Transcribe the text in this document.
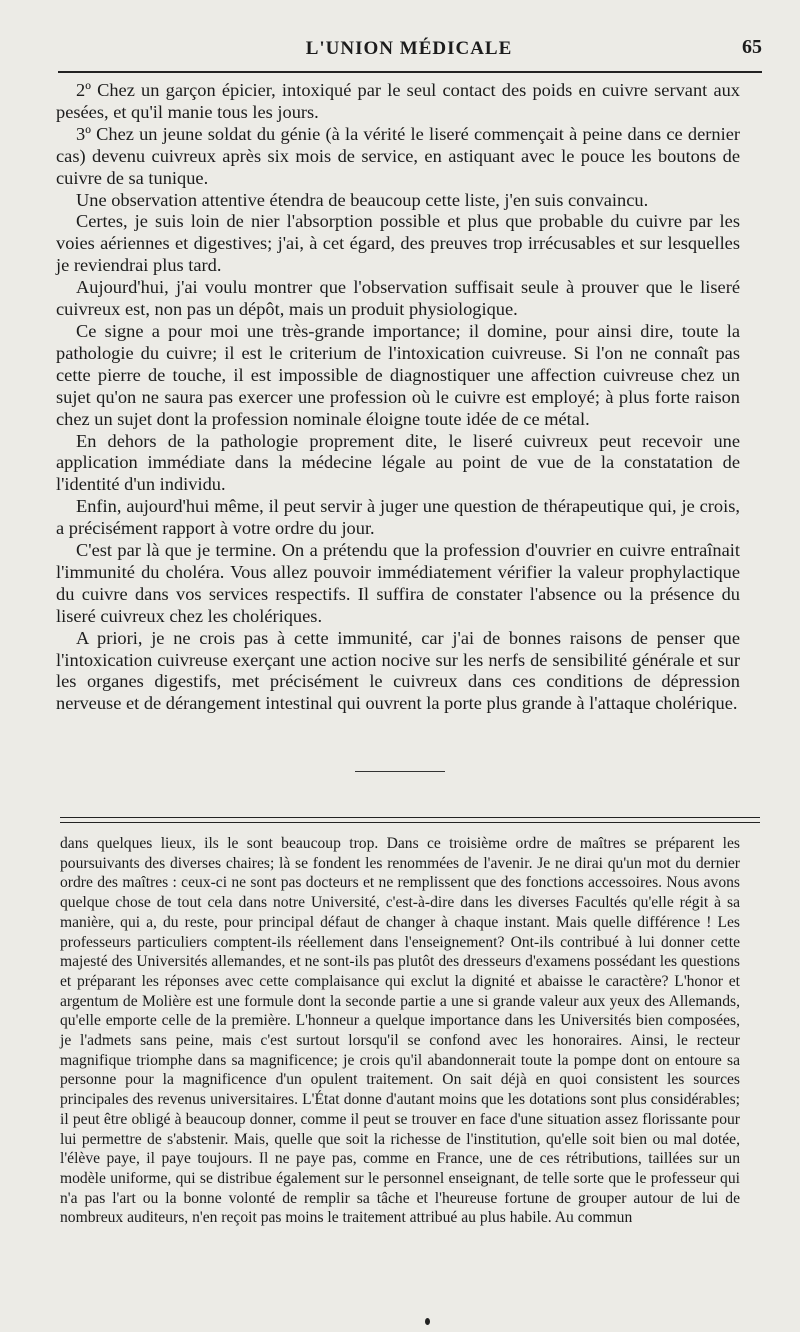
L'UNION MÉDICALE	65

2º Chez un garçon épicier, intoxiqué par le seul contact des poids en cuivre servant aux pesées, et qu'il manie tous les jours.

3º Chez un jeune soldat du génie (à la vérité le liseré commençait à peine dans ce dernier cas) devenu cuivreux après six mois de service, en astiquant avec le pouce les boutons de cuivre de sa tunique.

Une observation attentive étendra de beaucoup cette liste, j'en suis convaincu.

Certes, je suis loin de nier l'absorption possible et plus que probable du cuivre par les voies aériennes et digestives; j'ai, à cet égard, des preuves trop irrécusables et sur lesquelles je reviendrai plus tard.

Aujourd'hui, j'ai voulu montrer que l'observation suffisait seule à prouver que le liseré cuivreux est, non pas un dépôt, mais un produit physiologique.

Ce signe a pour moi une très-grande importance; il domine, pour ainsi dire, toute la pathologie du cuivre; il est le criterium de l'intoxication cuivreuse. Si l'on ne connaît pas cette pierre de touche, il est impossible de diagnostiquer une affection cuivreuse chez un sujet qu'on ne saura pas exercer une profession où le cuivre est employé; à plus forte raison chez un sujet dont la profession nominale éloigne toute idée de ce métal.

En dehors de la pathologie proprement dite, le liseré cuivreux peut recevoir une application immédiate dans la médecine légale au point de vue de la constatation de l'identité d'un individu.

Enfin, aujourd'hui même, il peut servir à juger une question de thérapeutique qui, je crois, a précisément rapport à votre ordre du jour.

C'est par là que je termine. On a prétendu que la profession d'ouvrier en cuivre entraînait l'immunité du choléra. Vous allez pouvoir immédiatement vérifier la valeur prophylactique du cuivre dans vos services respectifs. Il suffira de constater l'absence ou la présence du liseré cuivreux chez les cholériques.

A priori, je ne crois pas à cette immunité, car j'ai de bonnes raisons de penser que l'intoxication cuivreuse exerçant une action nocive sur les nerfs de sensibilité générale et sur les organes digestifs, met précisément le cuivreux dans ces conditions de dépression nerveuse et de dérangement intestinal qui ouvrent la porte plus grande à l'attaque cholérique.

dans quelques lieux, ils le sont beaucoup trop. Dans ce troisième ordre de maîtres se préparent les poursuivants des diverses chaires; là se fondent les renommées de l'avenir. Je ne dirai qu'un mot du dernier ordre des maîtres : ceux-ci ne sont pas docteurs et ne remplissent que des fonctions accessoires. Nous avons quelque chose de tout cela dans notre Université, c'est-à-dire dans les diverses Facultés qu'elle régit à sa manière, qui a, du reste, pour principal défaut de changer à chaque instant. Mais quelle différence ! Les professeurs particuliers comptent-ils réellement dans l'enseignement? Ont-ils contribué à lui donner cette majesté des Universités allemandes, et ne sont-ils pas plutôt des dresseurs d'examens possédant les questions et préparant les réponses avec cette complaisance qui exclut la dignité et abaisse le caractère? L'honor et argentum de Molière est une formule dont la seconde partie a une si grande valeur aux yeux des Allemands, qu'elle emporte celle de la première. L'honneur a quelque importance dans les Universités bien composées, je l'admets sans peine, mais c'est surtout lorsqu'il se confond avec les honoraires. Ainsi, le recteur magnifique triomphe dans sa magnificence; je crois qu'il abandonnerait toute la pompe dont on entoure sa personne pour la magnificence d'un opulent traitement. On sait déjà en quoi consistent les sources principales des revenus universitaires. L'État donne d'autant moins que les dotations sont plus considérables; il peut être obligé à beaucoup donner, comme il peut se trouver en face d'une situation assez florissante pour lui permettre de s'abstenir. Mais, quelle que soit la richesse de l'institution, qu'elle soit bien ou mal dotée, l'élève paye, il paye toujours. Il ne paye pas, comme en France, une de ces rétributions, taillées sur un modèle uniforme, qui se distribue également sur le personnel enseignant, de telle sorte que le professeur qui n'a pas l'art ou la bonne volonté de remplir sa tâche et l'heureuse fortune de grouper autour de lui de nombreux auditeurs, n'en reçoit pas moins le traitement attribué au plus habile. Au commun
